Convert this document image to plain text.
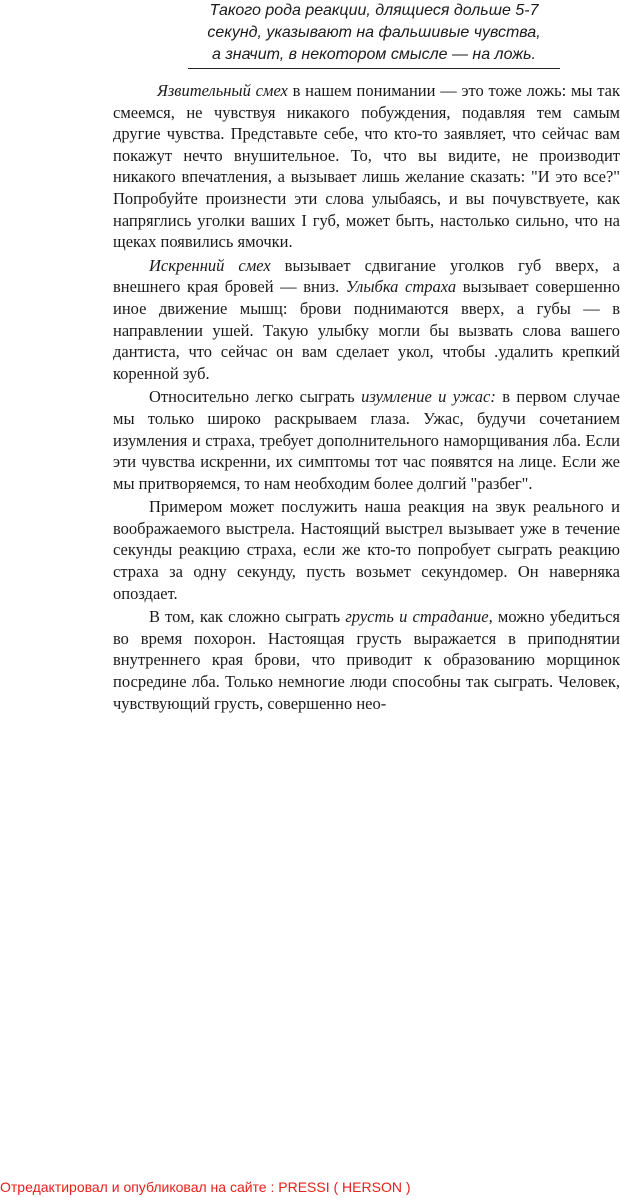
Такого рода реакции, длящиеся дольше 5-7
секунд, указывают на фальшивые чувства,
а значит, в некотором смысле — на ложь.

Язвительный смех в нашем понимании — это тоже ложь: мы так смеемся, не чувствуя никакого побуждения, подавляя тем самым другие чувства. Представьте себе, что кто-то заявляет, что сейчас вам покажут нечто внушительное. То, что вы видите, не производит никакого впечатления, а вызывает лишь желание сказать: "И это все?" Попробуйте произнести эти слова улыбаясь, и вы почувствуете, как напряглись уголки ваших I губ, может быть, настолько сильно, что на щеках появились ямочки.

Искренний смех вызывает сдвигание уголков губ вверх, а внешнего края бровей — вниз. Улыбка страха вызывает совершенно иное движение мышц: брови поднимаются вверх, а губы — в направлении ушей. Такую улыбку могли бы вызвать слова вашего дантиста, что сейчас он вам сделает укол, чтобы .удалить крепкий коренной зуб.

Относительно легко сыграть изумление и ужас: в первом случае мы только широко раскрываем глаза. Ужас, будучи сочетанием изумления и страха, требует дополнительного наморщивания лба. Если эти чувства искренни, их симптомы тот час появятся на лице. Если же мы притворяемся, то нам необходим более долгий "разбег".

Примером может послужить наша реакция на звук реального и воображаемого выстрела. Настоящий выстрел вызывает уже в течение секунды реакцию страха, если же кто-то попробует сыграть реакцию страха за одну секунду, пусть возьмет секундомер. Он наверняка опоздает.

В том, как сложно сыграть грусть и страдание, можно убедиться во время похорон. Настоящая грусть выражается в приподнятии внутреннего края брови, что приводит к образованию морщинок посредине лба. Только немногие люди способны так сыграть. Человек, чувствующий грусть, совершенно нео-

Отредактировал и опубликовал на сайте : PRESSI ( HERSON )
